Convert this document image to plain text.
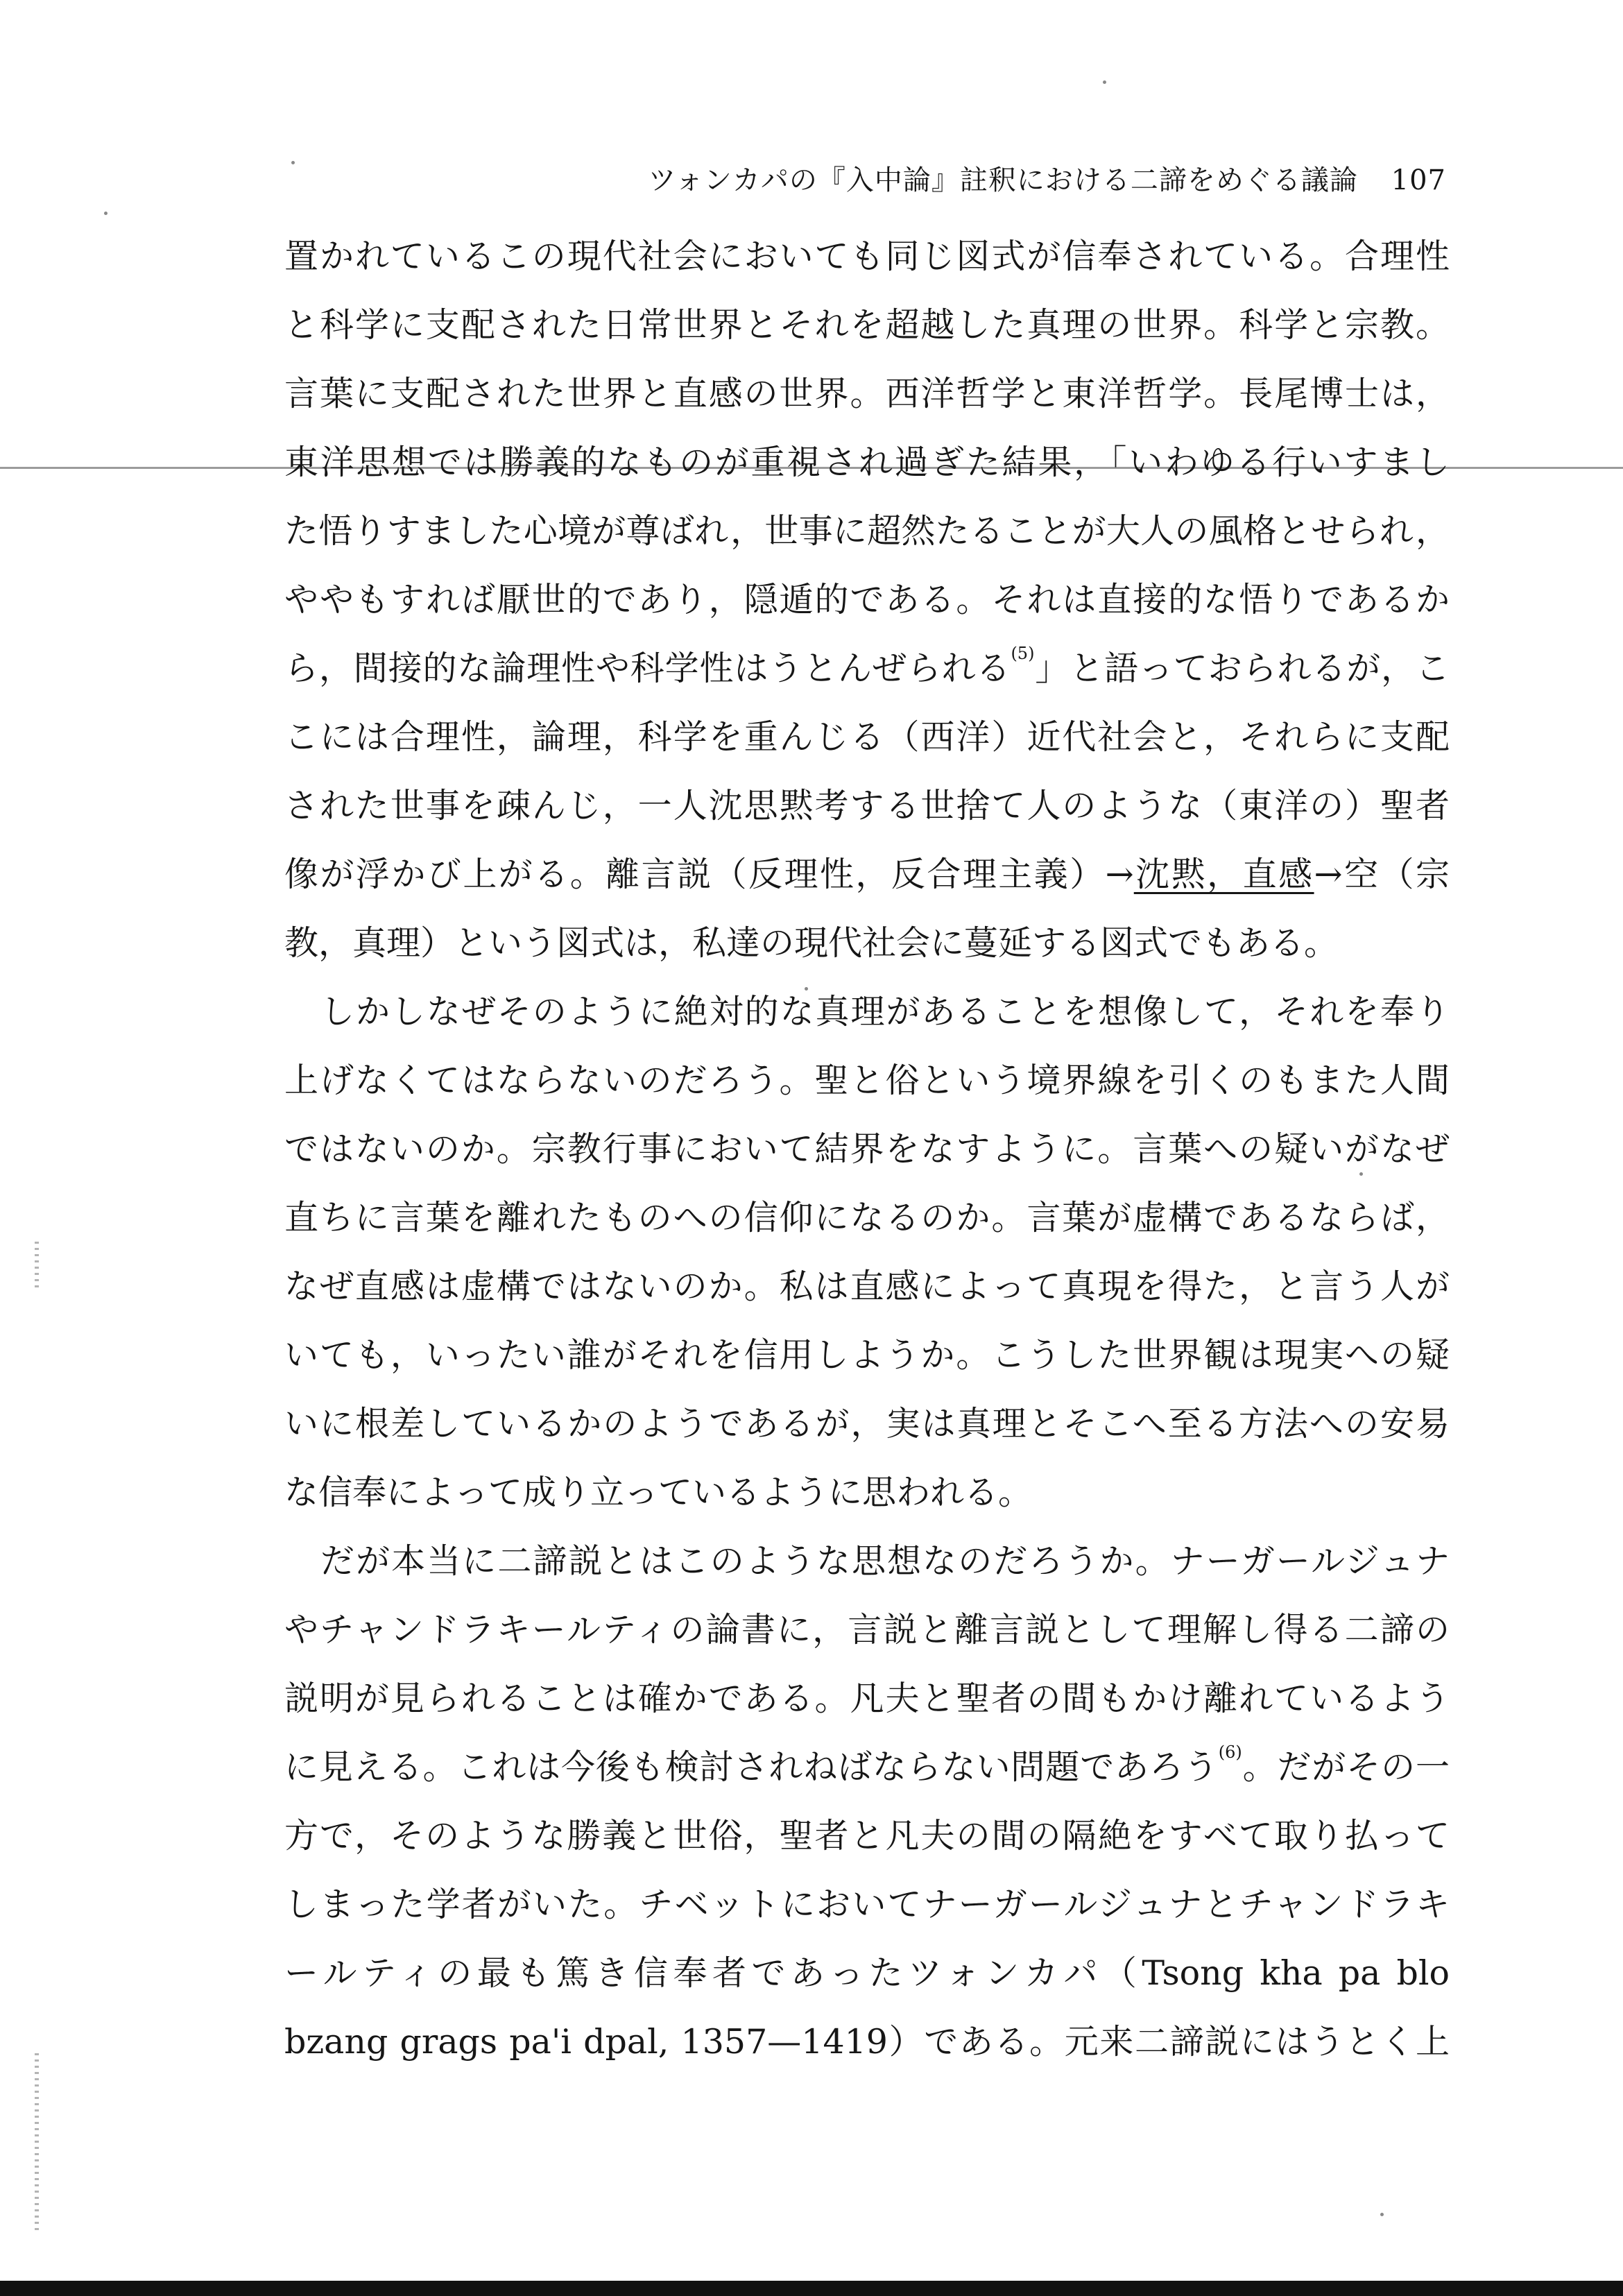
ツォンカパの『入中論』註釈における二諦をめぐる議論 107
置かれているこの現代社会においても同じ図式が信奉されている。合理性
と科学に支配された日常世界とそれを超越した真理の世界。科学と宗教。
言葉に支配された世界と直感の世界。西洋哲学と東洋哲学。長尾博士は，
東洋思想では勝義的なものが重視され過ぎた結果，「いわゆる行いすまし
た悟りすました心境が尊ばれ，世事に超然たることが大人の風格とせられ，
ややもすれば厭世的であり，隠遁的である。それは直接的な悟りであるか
ら，間接的な論理性や科学性はうとんぜられる$^{(5)}$」と語っておられるが，こ
こには合理性，論理，科学を重んじる（西洋）近代社会と，それらに支配
された世事を疎んじ，一人沈思黙考する世捨て人のような（東洋の）聖者
像が浮かび上がる。離言説（反理性，反合理主義）→沈黙，直感→空（宗
教，真理）という図式は，私達の現代社会に蔓延する図式でもある。
しかしなぜそのように絶対的な真理があることを想像して，それを奉り
上げなくてはならないのだろう。聖と俗という境界線を引くのもまた人間
ではないのか。宗教行事において結界をなすように。言葉への疑いがなぜ
直ちに言葉を離れたものへの信仰になるのか。言葉が虚構であるならば，
なぜ直感は虚構ではないのか。私は直感によって真現を得た，と言う人が
いても，いったい誰がそれを信用しようか。こうした世界観は現実への疑
いに根差しているかのようであるが，実は真理とそこへ至る方法への安易
な信奉によって成り立っているように思われる。
だが本当に二諦説とはこのような思想なのだろうか。ナーガールジュナ
やチャンドラキールティの論書に，言説と離言説として理解し得る二諦の
説明が見られることは確かである。凡夫と聖者の間もかけ離れているよう
に見える。これは今後も検討されねばならない問題であろう$^{(6)}$。だがその一
方で，そのような勝義と世俗，聖者と凡夫の間の隔絶をすべて取り払って
しまった学者がいた。チベットにおいてナーガールジュナとチャンドラキ
ールティの最も篤き信奉者であったツォンカパ（Tsong kha pa blo
bzang grags pa'i dpal, 1357—1419）である。元来二諦説にはうとく上
